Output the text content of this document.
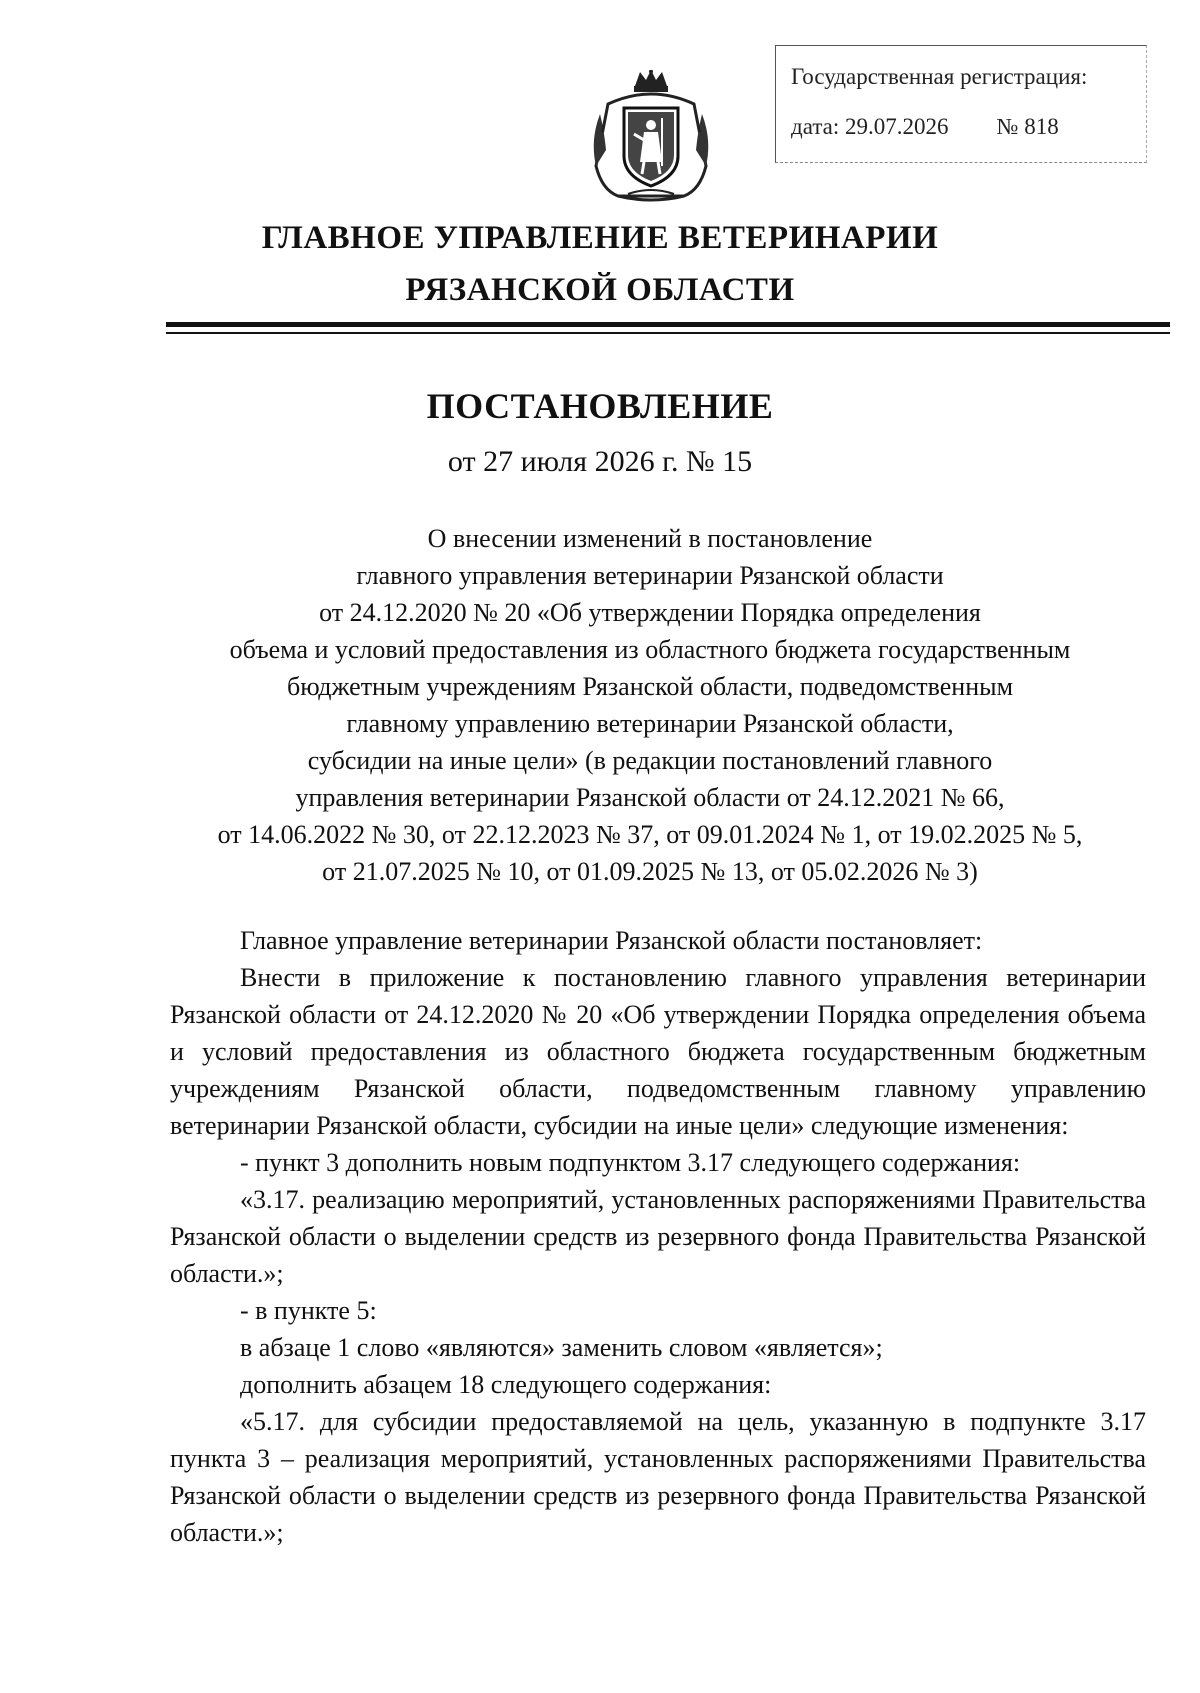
Государственная регистрация:
дата: 29.07.2026 № 818
ГЛАВНОЕ УПРАВЛЕНИЕ ВЕТЕРИНАРИИ
РЯЗАНСКОЙ ОБЛАСТИ
ПОСТАНОВЛЕНИЕ
от 27 июля 2026 г. № 15
О внесении изменений в постановление
главного управления ветеринарии Рязанской области
от 24.12.2020 № 20 «Об утверждении Порядка определения
объема и условий предоставления из областного бюджета государственным
бюджетным учреждениям Рязанской области, подведомственным
главному управлению ветеринарии Рязанской области,
субсидии на иные цели» (в редакции постановлений главного
управления ветеринарии Рязанской области от 24.12.2021 № 66,
от 14.06.2022 № 30, от 22.12.2023 № 37, от 09.01.2024 № 1, от 19.02.2025 № 5,
от 21.07.2025 № 10, от 01.09.2025 № 13, от 05.02.2026 № 3)

Главное управление ветеринарии Рязанской области постановляет:

Внести в приложение к постановлению главного управления ветеринарии Рязанской области от 24.12.2020 № 20 «Об утверждении Порядка определения объема и условий предоставления из областного бюджета государственным бюджетным учреждениям Рязанской области, подведомственным главному управлению ветеринарии Рязанской области, субсидии на иные цели» следующие изменения:

- пункт 3 дополнить новым подпунктом 3.17 следующего содержания:

«3.17. реализацию мероприятий, установленных распоряжениями Правительства Рязанской области о выделении средств из резервного фонда Правительства Рязанской области.»;

- в пункте 5:

в абзаце 1 слово «являются» заменить словом «является»;

дополнить абзацем 18 следующего содержания:

«5.17. для субсидии предоставляемой на цель, указанную в подпункте 3.17 пункта 3 – реализация мероприятий, установленных распоряжениями Правительства Рязанской области о выделении средств из резервного фонда Правительства Рязанской области.»;
